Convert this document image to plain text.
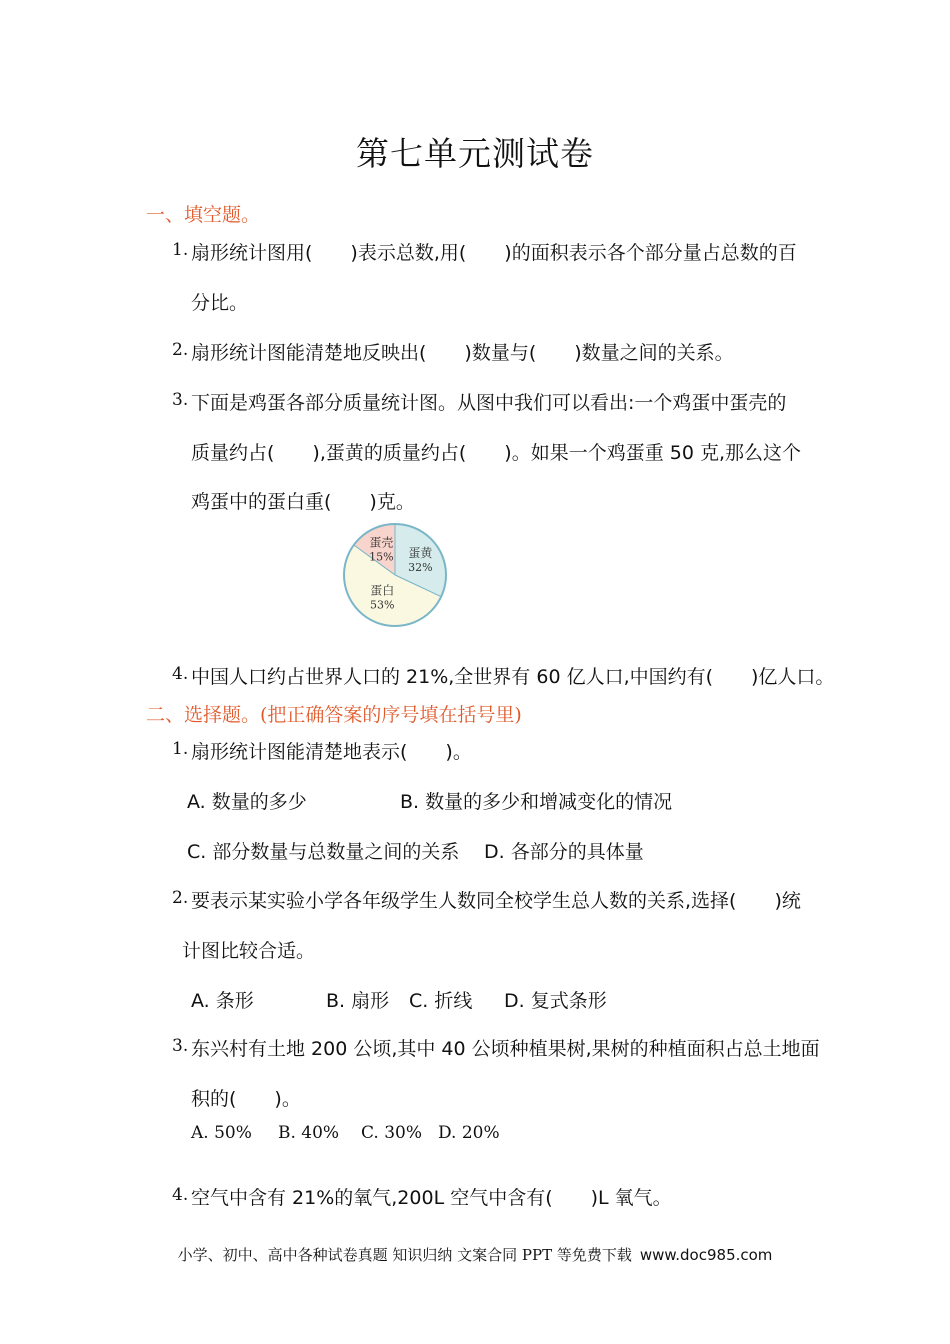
第七单元测试卷
一、填空题。
1. 扇形统计图用(　　)表示总数,用(　　)的面积表示各个部分量占总数的百
分比。
2. 扇形统计图能清楚地反映出(　　)数量与(　　)数量之间的关系。
3. 下面是鸡蛋各部分质量统计图。从图中我们可以看出:一个鸡蛋中蛋壳的
质量约占(　　),蛋黄的质量约占(　　)。如果一个鸡蛋重 50 克,那么这个
鸡蛋中的蛋白重(　　)克。
蛋壳
15% 蛋黄
32%
蛋白
53%
4. 中国人口约占世界人口的 21%,全世界有 60 亿人口,中国约有(　　)亿人口。
二、选择题。(把正确答案的序号填在括号里)
1. 扇形统计图能清楚地表示(　　)。
A. 数量的多少	B. 数量的多少和增减变化的情况
C. 部分数量与总数量之间的关系 D. 各部分的具体量
2. 要表示某实验小学各年级学生人数同全校学生总人数的关系,选择(　　)统
计图比较合适。
A. 条形	B. 扇形 C. 折线 D. 复式条形
3. 东兴村有土地 200 公顷,其中 40 公顷种植果树,果树的种植面积占总土地面
积的(　　)。
A. 50% B. 40% C. 30% D. 20%
4. 空气中含有 21%的氧气,200L 空气中含有(　　)L 氧气。
小学、初中、高中各种试卷真题 知识归纳 文案合同 PPT 等免费下载 www.doc985.com
